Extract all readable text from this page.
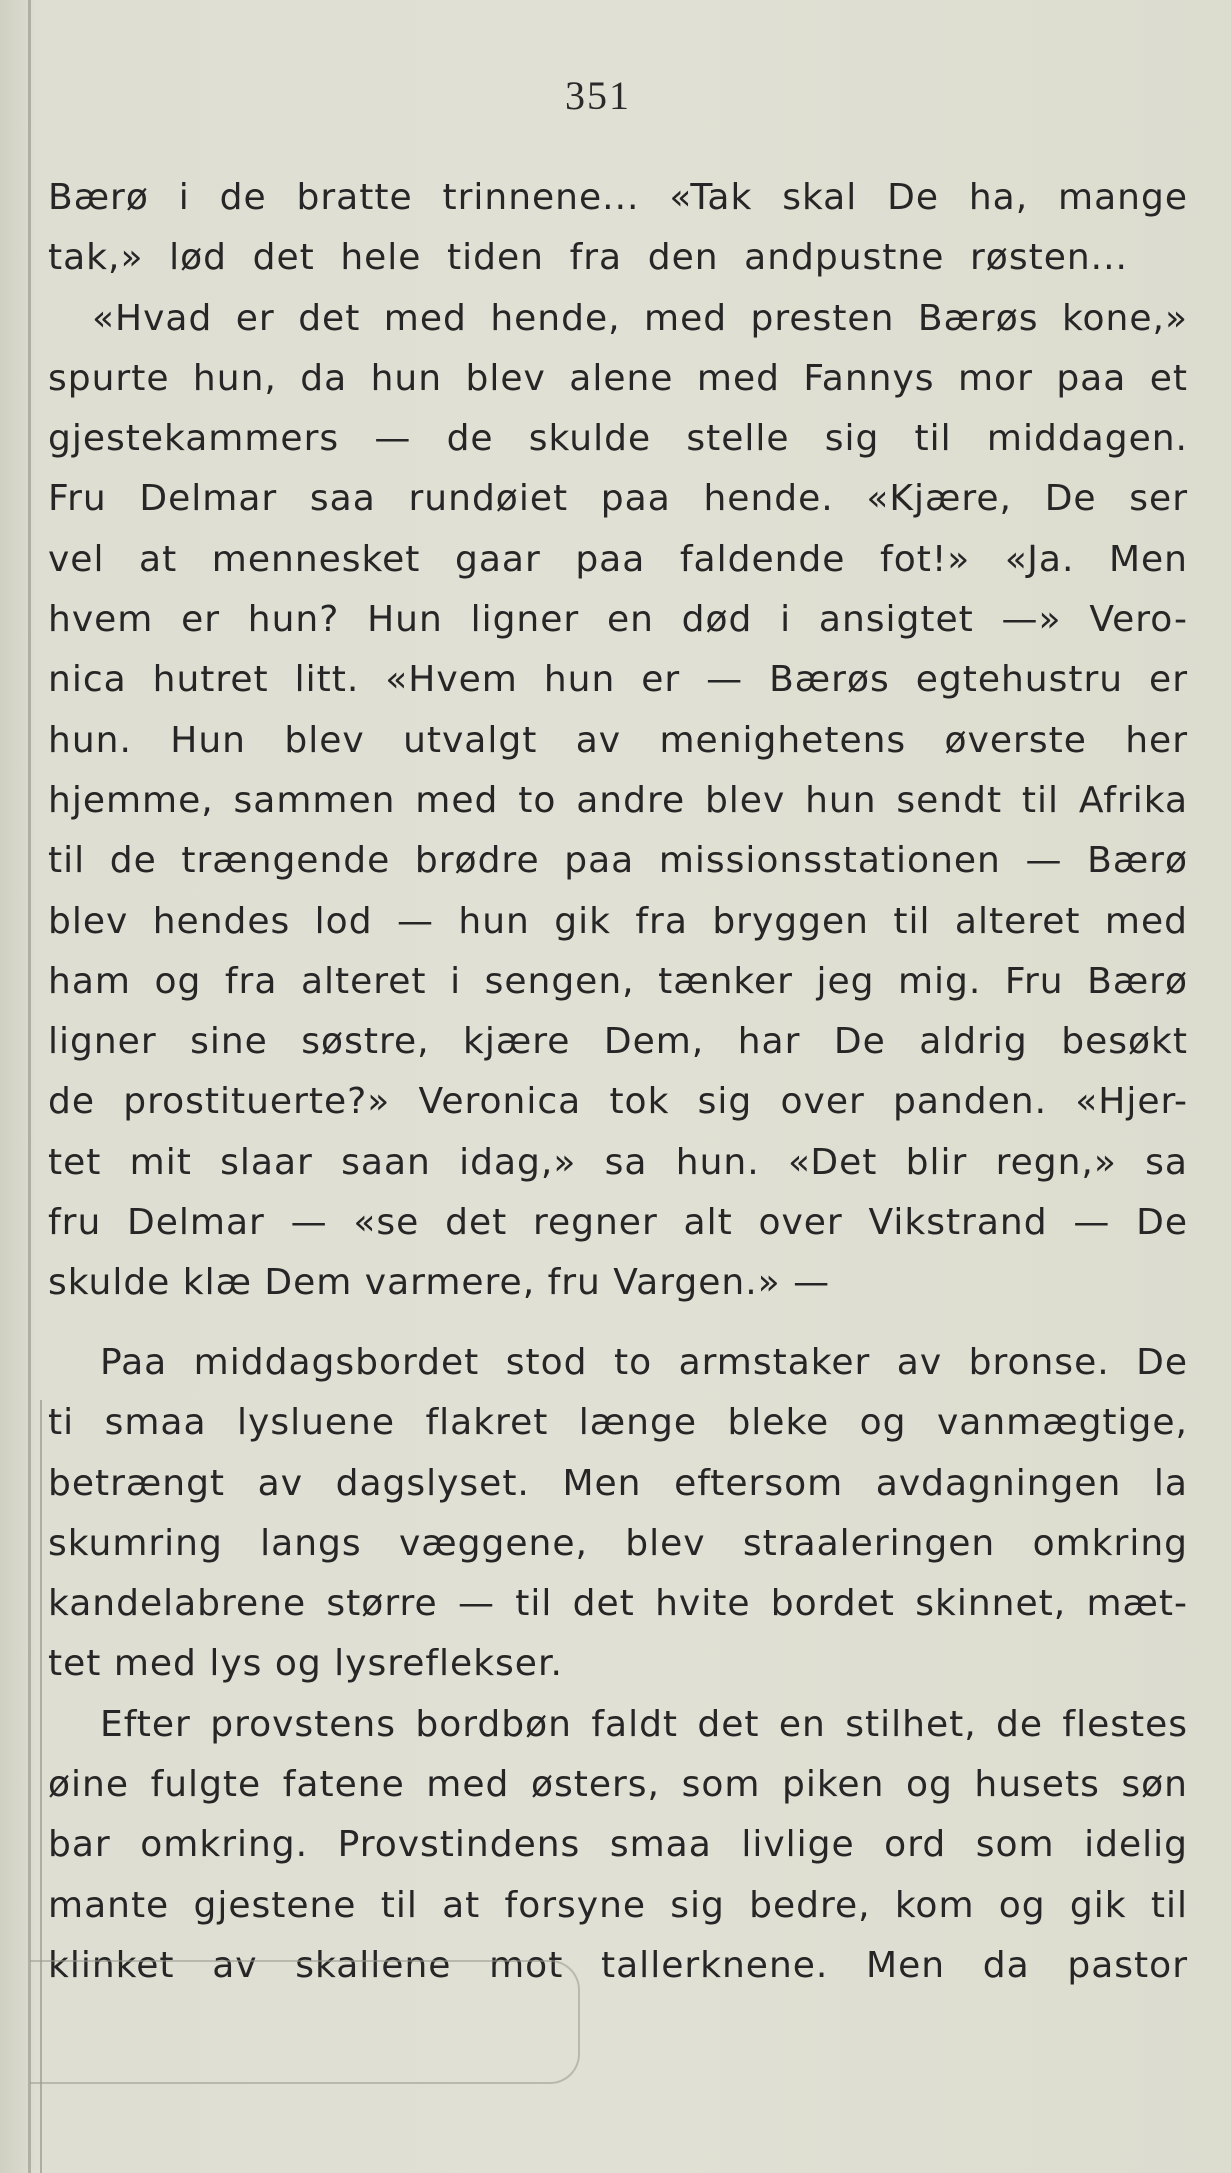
351
Bærø i de bratte trinnene... «Tak skal De ha, mange
tak,» lød det hele tiden fra den andpustne røsten...
«Hvad er det med hende, med presten Bærøs kone,»
spurte hun, da hun blev alene med Fannys mor paa et
gjestekammers — de skulde stelle sig til middagen.
Fru Delmar saa rundøiet paa hende. «Kjære, De ser
vel at mennesket gaar paa faldende fot!» «Ja. Men
hvem er hun? Hun ligner en død i ansigtet —» Vero-
nica hutret litt. «Hvem hun er — Bærøs egtehustru er
hun. Hun blev utvalgt av menighetens øverste her
hjemme, sammen med to andre blev hun sendt til Afrika
til de trængende brødre paa missionsstationen — Bærø
blev hendes lod — hun gik fra bryggen til alteret med
ham og fra alteret i sengen, tænker jeg mig. Fru Bærø
ligner sine søstre, kjære Dem, har De aldrig besøkt
de prostituerte?» Veronica tok sig over panden. «Hjer-
tet mit slaar saan idag,» sa hun. «Det blir regn,» sa
fru Delmar — «se det regner alt over Vikstrand — De
skulde klæ Dem varmere, fru Vargen.» —
Paa middagsbordet stod to armstaker av bronse. De
ti smaa lysluene flakret længe bleke og vanmægtige,
betrængt av dagslyset. Men eftersom avdagningen la
skumring langs væggene, blev straaleringen omkring
kandelabrene større — til det hvite bordet skinnet, mæt-
tet med lys og lysreflekser.
Efter provstens bordbøn faldt det en stilhet, de flestes
øine fulgte fatene med østers, som piken og husets søn
bar omkring. Provstindens smaa livlige ord som idelig
mante gjestene til at forsyne sig bedre, kom og gik til
klinket av skallene mot tallerknene. Men da pastor
